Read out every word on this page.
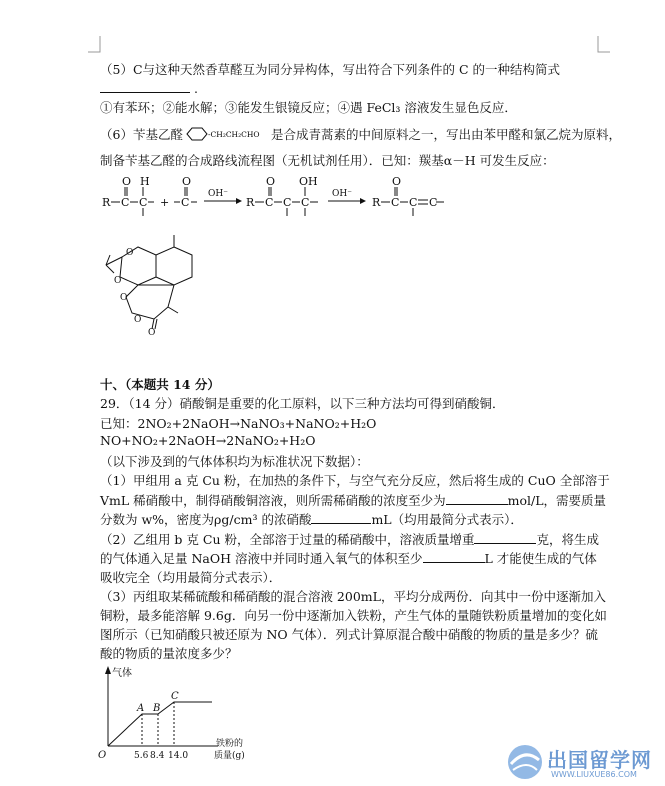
（5）C与这种天然香草醛互为同分异构体，写出符合下列条件的 C 的一种结构简式
.
①有苯环；②能水解；③能发生银镜反应；④遇 FeCl₃ 溶液发生显色反应．
（6）苄基乙醛	-CH₂CH₂CHO 是合成青蒿素的中间原料之一，写出由苯甲醛和氯乙烷为原料，
制备苄基乙醛的合成路线流程图（无机试剂任用）．已知：羰基α－H 可发生反应：
R C
O
C
H
+ C
O
OH⁻
R C
O
C C
OH
OH⁻
R C
O
C C
O
O
O
O
O
十、（本题共 14 分）
29．（14 分）硝酸铜是重要的化工原料，以下三种方法均可得到硝酸铜．
已知：2NO₂+2NaOH→NaNO₃+NaNO₂+H₂O
NO+NO₂+2NaOH→2NaNO₂+H₂O
（以下涉及到的气体体积均为标准状况下数据）：
（1）甲组用 a 克 Cu 粉，在加热的条件下，与空气充分反应，然后将生成的 CuO 全部溶于
VmL 稀硝酸中，制得硝酸铜溶液，则所需稀硝酸的浓度至少为	mol/L，需要质量
分数为 w%，密度为ρg/cm³ 的浓硝酸	mL（均用最简分式表示）．
（2）乙组用 b 克 Cu 粉，全部溶于过量的稀硝酸中，溶液质量增重	克，将生成
的气体通入足量 NaOH 溶液中并同时通入氧气的体积至少	L 才能使生成的气体
吸收完全（均用最简分式表示）．
（3）丙组取某稀硫酸和稀硝酸的混合溶液 200mL，平均分成两份．向其中一份中逐渐加入
铜粉，最多能溶解 9.6g．向另一份中逐渐加入铁粉，产生气体的量随铁粉质量增加的变化如
图所示（已知硝酸只被还原为 NO 气体）．列式计算原混合酸中硝酸的物质的量是多少？硫
酸的物质的量浓度多少？
气体
O
A B
C
5.6 8.4 14.0
铁粉的
质量(g)	出国留学网
WWW.LIUXUE86.COM
